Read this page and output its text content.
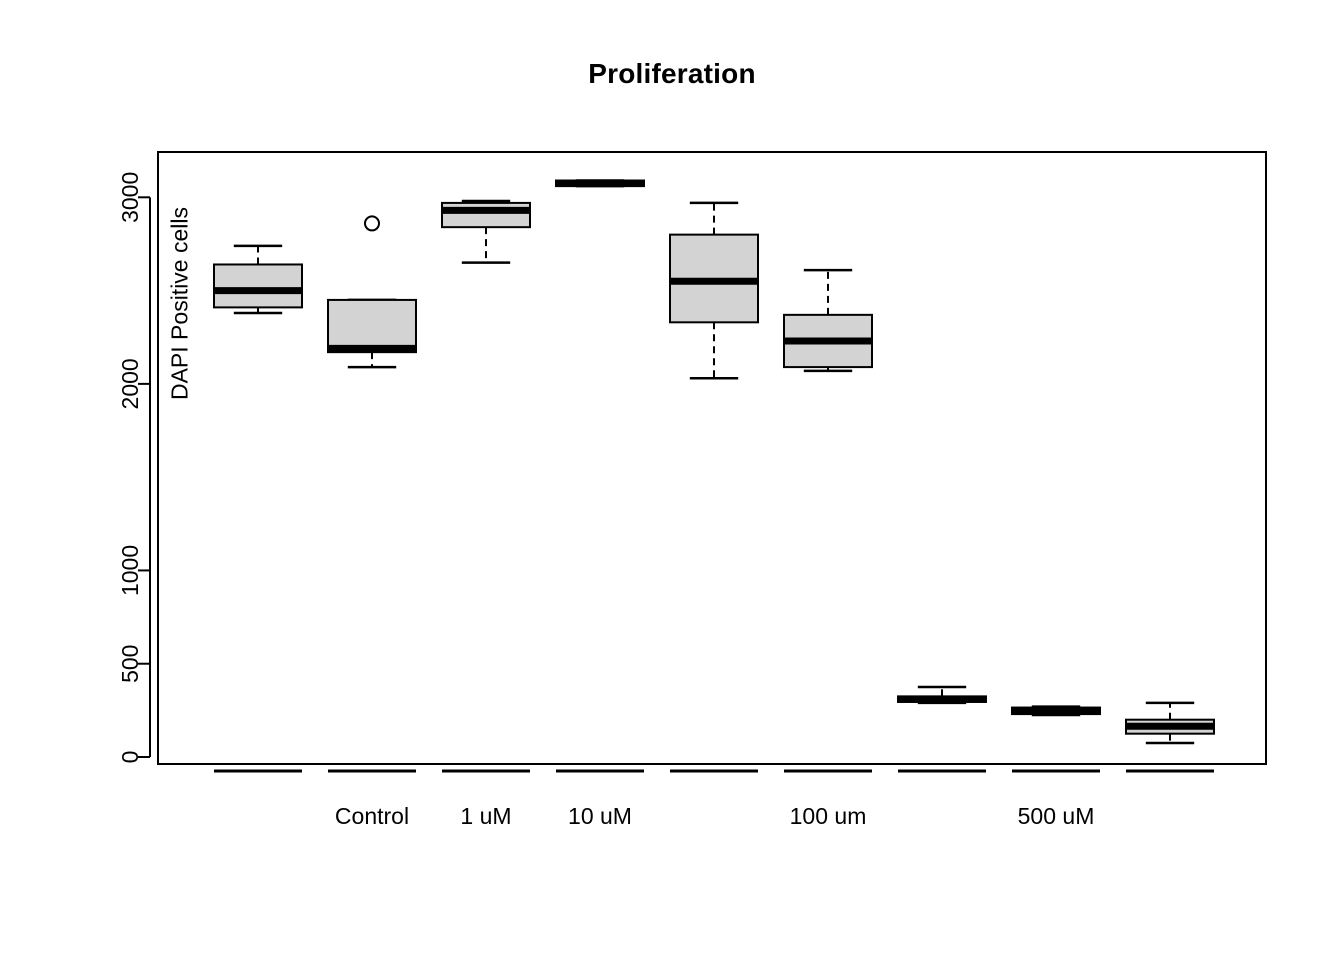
Proliferation
DAPI Positive cells
0
500
1000
2000
3000
Control 1 uM 10 uM	100 um	500 uM
